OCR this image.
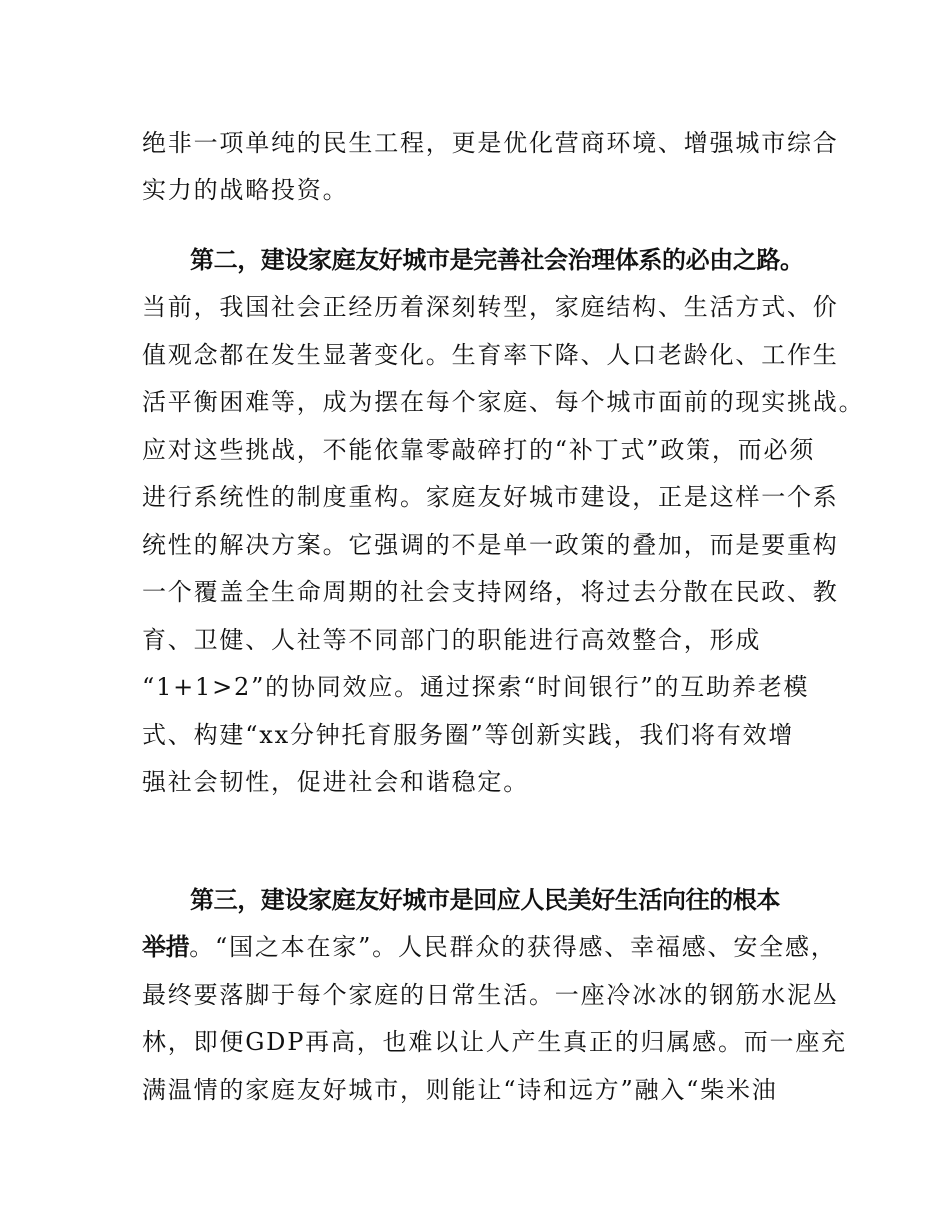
绝非一项单纯的民生工程，更是优化营商环境、增强城市综合
实力的战略投资。
第二，建设家庭友好城市是完善社会治理体系的必由之路。
当前，我国社会正经历着深刻转型，家庭结构、生活方式、价
值观念都在发生显著变化。生育率下降、人口老龄化、工作生
活平衡困难等，成为摆在每个家庭、每个城市面前的现实挑战。
应对这些挑战，不能依靠零敲碎打的“补丁式”政策，而必须
进行系统性的制度重构。家庭友好城市建设，正是这样一个系
统性的解决方案。它强调的不是单一政策的叠加，而是要重构
一个覆盖全生命周期的社会支持网络，将过去分散在民政、教
育、卫健、人社等不同部门的职能进行高效整合，形成
“1+1>2”的协同效应。通过探索“时间银行”的互助养老模
式、构建“xx分钟托育服务圈”等创新实践，我们将有效增
强社会韧性，促进社会和谐稳定。
第三，建设家庭友好城市是回应人民美好生活向往的根本
举措。“国之本在家”。人民群众的获得感、幸福感、安全感，
最终要落脚于每个家庭的日常生活。一座冷冰冰的钢筋水泥丛
林，即便GDP再高，也难以让人产生真正的归属感。而一座充
满温情的家庭友好城市，则能让“诗和远方”融入“柴米油
